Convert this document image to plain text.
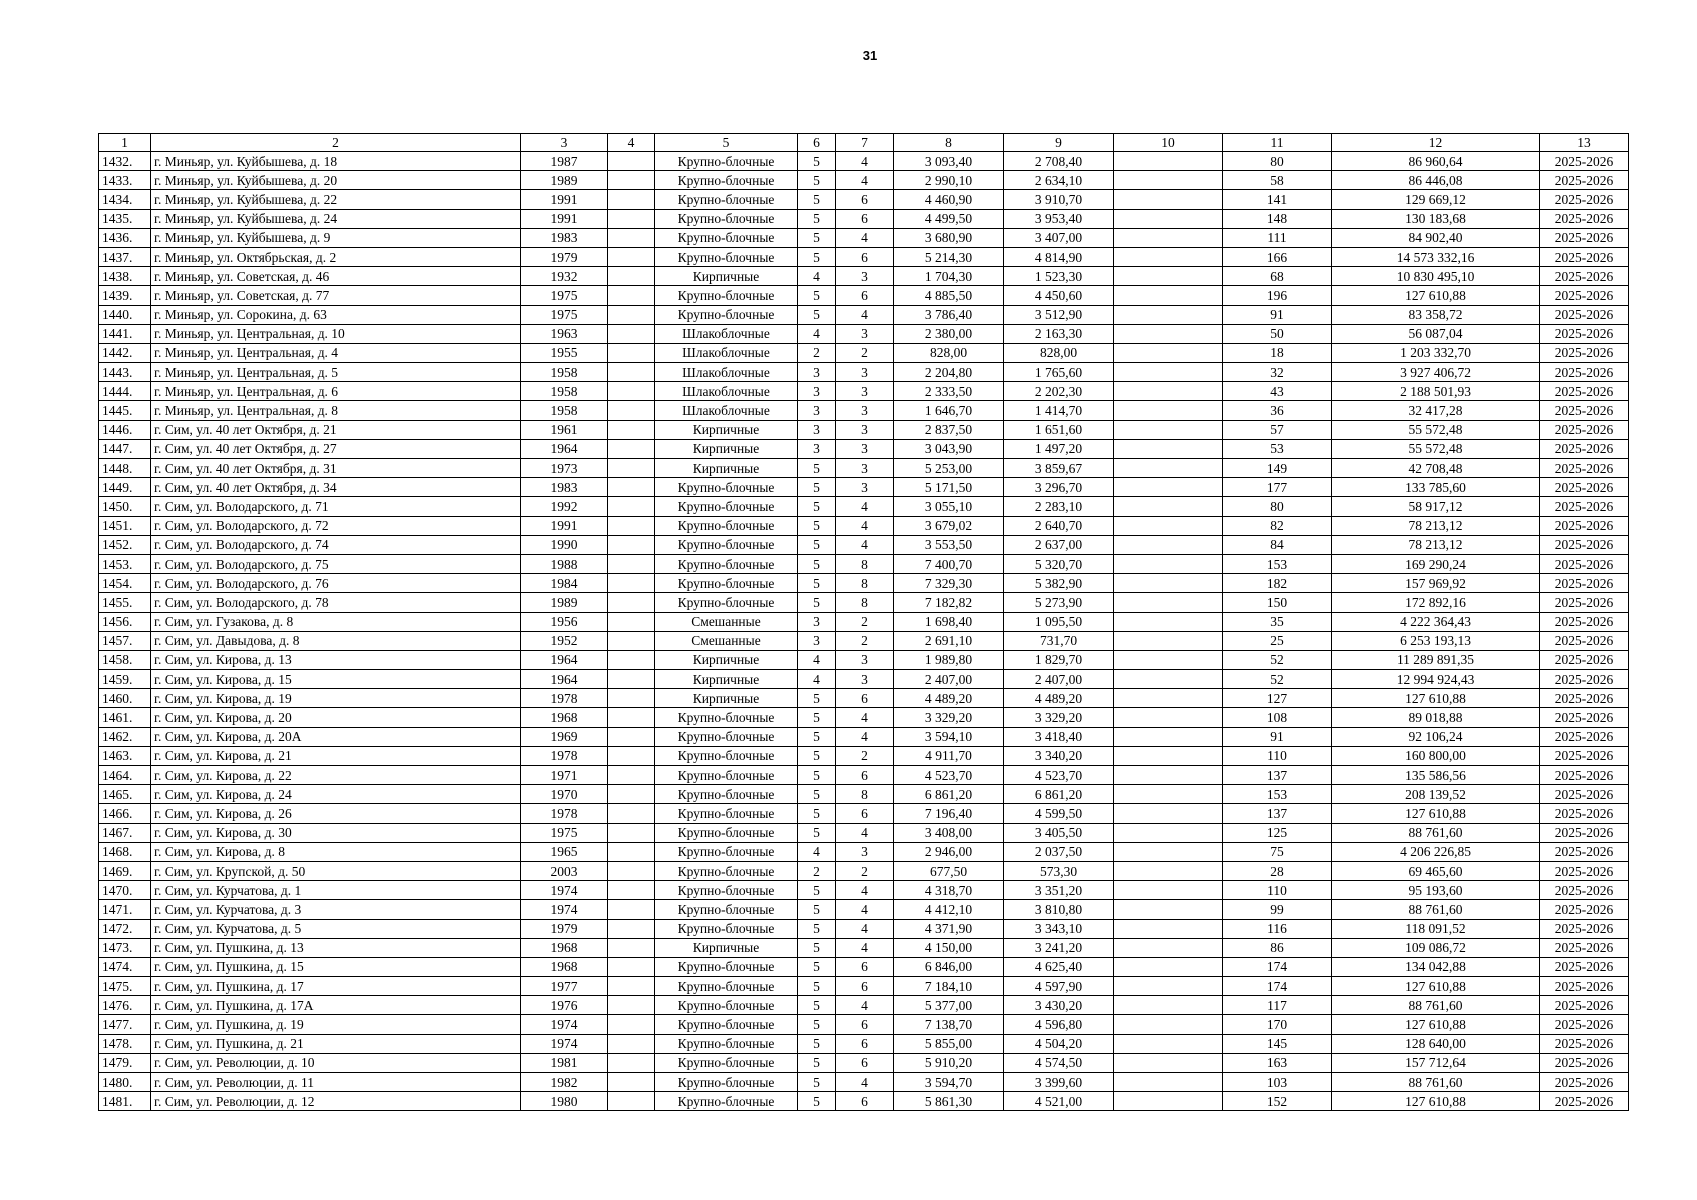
31
1	2	3	4	5	6	7	8	9	10	11	12	13
1432.	г. Миньяр, ул. Куйбышева, д. 18	1987		Крупно-блочные	5	4	3 093,40	2 708,40		80	86 960,64	2025-2026
1433.	г. Миньяр, ул. Куйбышева, д. 20	1989		Крупно-блочные	5	4	2 990,10	2 634,10		58	86 446,08	2025-2026
1434.	г. Миньяр, ул. Куйбышева, д. 22	1991		Крупно-блочные	5	6	4 460,90	3 910,70		141	129 669,12	2025-2026
1435.	г. Миньяр, ул. Куйбышева, д. 24	1991		Крупно-блочные	5	6	4 499,50	3 953,40		148	130 183,68	2025-2026
1436.	г. Миньяр, ул. Куйбышева, д. 9	1983		Крупно-блочные	5	4	3 680,90	3 407,00		111	84 902,40	2025-2026
1437.	г. Миньяр, ул. Октябрьская, д. 2	1979		Крупно-блочные	5	6	5 214,30	4 814,90		166	14 573 332,16	2025-2026
1438.	г. Миньяр, ул. Советская, д. 46	1932		Кирпичные	4	3	1 704,30	1 523,30		68	10 830 495,10	2025-2026
1439.	г. Миньяр, ул. Советская, д. 77	1975		Крупно-блочные	5	6	4 885,50	4 450,60		196	127 610,88	2025-2026
1440.	г. Миньяр, ул. Сорокина, д. 63	1975		Крупно-блочные	5	4	3 786,40	3 512,90		91	83 358,72	2025-2026
1441.	г. Миньяр, ул. Центральная, д. 10	1963		Шлакоблочные	4	3	2 380,00	2 163,30		50	56 087,04	2025-2026
1442.	г. Миньяр, ул. Центральная, д. 4	1955		Шлакоблочные	2	2	828,00	828,00		18	1 203 332,70	2025-2026
1443.	г. Миньяр, ул. Центральная, д. 5	1958		Шлакоблочные	3	3	2 204,80	1 765,60		32	3 927 406,72	2025-2026
1444.	г. Миньяр, ул. Центральная, д. 6	1958		Шлакоблочные	3	3	2 333,50	2 202,30		43	2 188 501,93	2025-2026
1445.	г. Миньяр, ул. Центральная, д. 8	1958		Шлакоблочные	3	3	1 646,70	1 414,70		36	32 417,28	2025-2026
1446.	г. Сим, ул. 40 лет Октября, д. 21	1961		Кирпичные	3	3	2 837,50	1 651,60		57	55 572,48	2025-2026
1447.	г. Сим, ул. 40 лет Октября, д. 27	1964		Кирпичные	3	3	3 043,90	1 497,20		53	55 572,48	2025-2026
1448.	г. Сим, ул. 40 лет Октября, д. 31	1973		Кирпичные	5	3	5 253,00	3 859,67		149	42 708,48	2025-2026
1449.	г. Сим, ул. 40 лет Октября, д. 34	1983		Крупно-блочные	5	3	5 171,50	3 296,70		177	133 785,60	2025-2026
1450.	г. Сим, ул. Володарского, д. 71	1992		Крупно-блочные	5	4	3 055,10	2 283,10		80	58 917,12	2025-2026
1451.	г. Сим, ул. Володарского, д. 72	1991		Крупно-блочные	5	4	3 679,02	2 640,70		82	78 213,12	2025-2026
1452.	г. Сим, ул. Володарского, д. 74	1990		Крупно-блочные	5	4	3 553,50	2 637,00		84	78 213,12	2025-2026
1453.	г. Сим, ул. Володарского, д. 75	1988		Крупно-блочные	5	8	7 400,70	5 320,70		153	169 290,24	2025-2026
1454.	г. Сим, ул. Володарского, д. 76	1984		Крупно-блочные	5	8	7 329,30	5 382,90		182	157 969,92	2025-2026
1455.	г. Сим, ул. Володарского, д. 78	1989		Крупно-блочные	5	8	7 182,82	5 273,90		150	172 892,16	2025-2026
1456.	г. Сим, ул. Гузакова, д. 8	1956		Смешанные	3	2	1 698,40	1 095,50		35	4 222 364,43	2025-2026
1457.	г. Сим, ул. Давыдова, д. 8	1952		Смешанные	3	2	2 691,10	731,70		25	6 253 193,13	2025-2026
1458.	г. Сим, ул. Кирова, д. 13	1964		Кирпичные	4	3	1 989,80	1 829,70		52	11 289 891,35	2025-2026
1459.	г. Сим, ул. Кирова, д. 15	1964		Кирпичные	4	3	2 407,00	2 407,00		52	12 994 924,43	2025-2026
1460.	г. Сим, ул. Кирова, д. 19	1978		Кирпичные	5	6	4 489,20	4 489,20		127	127 610,88	2025-2026
1461.	г. Сим, ул. Кирова, д. 20	1968		Крупно-блочные	5	4	3 329,20	3 329,20		108	89 018,88	2025-2026
1462.	г. Сим, ул. Кирова, д. 20А	1969		Крупно-блочные	5	4	3 594,10	3 418,40		91	92 106,24	2025-2026
1463.	г. Сим, ул. Кирова, д. 21	1978		Крупно-блочные	5	2	4 911,70	3 340,20		110	160 800,00	2025-2026
1464.	г. Сим, ул. Кирова, д. 22	1971		Крупно-блочные	5	6	4 523,70	4 523,70		137	135 586,56	2025-2026
1465.	г. Сим, ул. Кирова, д. 24	1970		Крупно-блочные	5	8	6 861,20	6 861,20		153	208 139,52	2025-2026
1466.	г. Сим, ул. Кирова, д. 26	1978		Крупно-блочные	5	6	7 196,40	4 599,50		137	127 610,88	2025-2026
1467.	г. Сим, ул. Кирова, д. 30	1975		Крупно-блочные	5	4	3 408,00	3 405,50		125	88 761,60	2025-2026
1468.	г. Сим, ул. Кирова, д. 8	1965		Крупно-блочные	4	3	2 946,00	2 037,50		75	4 206 226,85	2025-2026
1469.	г. Сим, ул. Крупской, д. 50	2003		Крупно-блочные	2	2	677,50	573,30		28	69 465,60	2025-2026
1470.	г. Сим, ул. Курчатова, д. 1	1974		Крупно-блочные	5	4	4 318,70	3 351,20		110	95 193,60	2025-2026
1471.	г. Сим, ул. Курчатова, д. 3	1974		Крупно-блочные	5	4	4 412,10	3 810,80		99	88 761,60	2025-2026
1472.	г. Сим, ул. Курчатова, д. 5	1979		Крупно-блочные	5	4	4 371,90	3 343,10		116	118 091,52	2025-2026
1473.	г. Сим, ул. Пушкина, д. 13	1968		Кирпичные	5	4	4 150,00	3 241,20		86	109 086,72	2025-2026
1474.	г. Сим, ул. Пушкина, д. 15	1968		Крупно-блочные	5	6	6 846,00	4 625,40		174	134 042,88	2025-2026
1475.	г. Сим, ул. Пушкина, д. 17	1977		Крупно-блочные	5	6	7 184,10	4 597,90		174	127 610,88	2025-2026
1476.	г. Сим, ул. Пушкина, д. 17А	1976		Крупно-блочные	5	4	5 377,00	3 430,20		117	88 761,60	2025-2026
1477.	г. Сим, ул. Пушкина, д. 19	1974		Крупно-блочные	5	6	7 138,70	4 596,80		170	127 610,88	2025-2026
1478.	г. Сим, ул. Пушкина, д. 21	1974		Крупно-блочные	5	6	5 855,00	4 504,20		145	128 640,00	2025-2026
1479.	г. Сим, ул. Революции, д. 10	1981		Крупно-блочные	5	6	5 910,20	4 574,50		163	157 712,64	2025-2026
1480.	г. Сим, ул. Революции, д. 11	1982		Крупно-блочные	5	4	3 594,70	3 399,60		103	88 761,60	2025-2026
1481.	г. Сим, ул. Революции, д. 12	1980		Крупно-блочные	5	6	5 861,30	4 521,00		152	127 610,88	2025-2026
